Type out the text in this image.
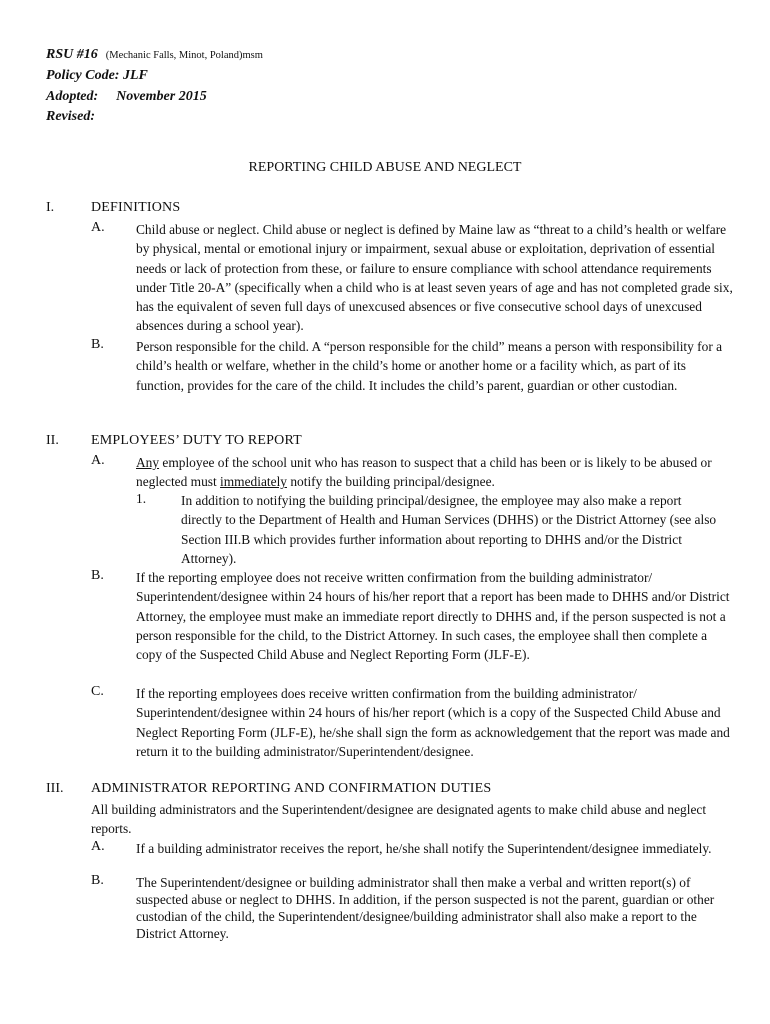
RSU #16 (Mechanic Falls, Minot, Poland)msm
Policy Code: JLF
Adopted: November 2015
Revised:
REPORTING CHILD ABUSE AND NEGLECT
I.	DEFINITIONS
A. Child abuse or neglect. Child abuse or neglect is defined by Maine law as “threat to a child’s health or welfare by physical, mental or emotional injury or impairment, sexual abuse or exploitation, deprivation of essential needs or lack of protection from these, or failure to ensure compliance with school attendance requirements under Title 20-A” (specifically when a child who is at least seven years of age and has not completed grade six, has the equivalent of seven full days of unexcused absences or five consecutive school days of unexcused absences during a school year).
B. Person responsible for the child. A “person responsible for the child” means a person with responsibility for a child’s health or welfare, whether in the child’s home or another home or a facility which, as part of its function, provides for the care of the child. It includes the child’s parent, guardian or other custodian.
II. EMPLOYEES’ DUTY TO REPORT
A. Any employee of the school unit who has reason to suspect that a child has been or is likely to be abused or neglected must immediately notify the building principal/designee.
1.	In addition to notifying the building principal/designee, the employee may also make a report directly to the Department of Health and Human Services (DHHS) or the District Attorney (see also Section III.B which provides further information about reporting to DHHS and/or the District Attorney).
B. If the reporting employee does not receive written confirmation from the building administrator/ Superintendent/designee within 24 hours of his/her report that a report has been made to DHHS and/or District Attorney, the employee must make an immediate report directly to DHHS and, if the person suspected is not a person responsible for the child, to the District Attorney. In such cases, the employee shall then complete a copy of the Suspected Child Abuse and Neglect Reporting Form (JLF-E).
C. If the reporting employees does receive written confirmation from the building administrator/ Superintendent/designee within 24 hours of his/her report (which is a copy of the Suspected Child Abuse and Neglect Reporting Form (JLF-E), he/she shall sign the form as acknowledgement that the report was made and return it to the building administrator/Superintendent/designee.
III. ADMINISTRATOR REPORTING AND CONFIRMATION DUTIES
All building administrators and the Superintendent/designee are designated agents to make child abuse and neglect reports.
A. If a building administrator receives the report, he/she shall notify the Superintendent/designee immediately.
B. The Superintendent/designee or building administrator shall then make a verbal and written report(s) of suspected abuse or neglect to DHHS. In addition, if the person suspected is not the parent, guardian or other custodian of the child, the Superintendent/designee/building administrator shall also make a report to the District Attorney.
